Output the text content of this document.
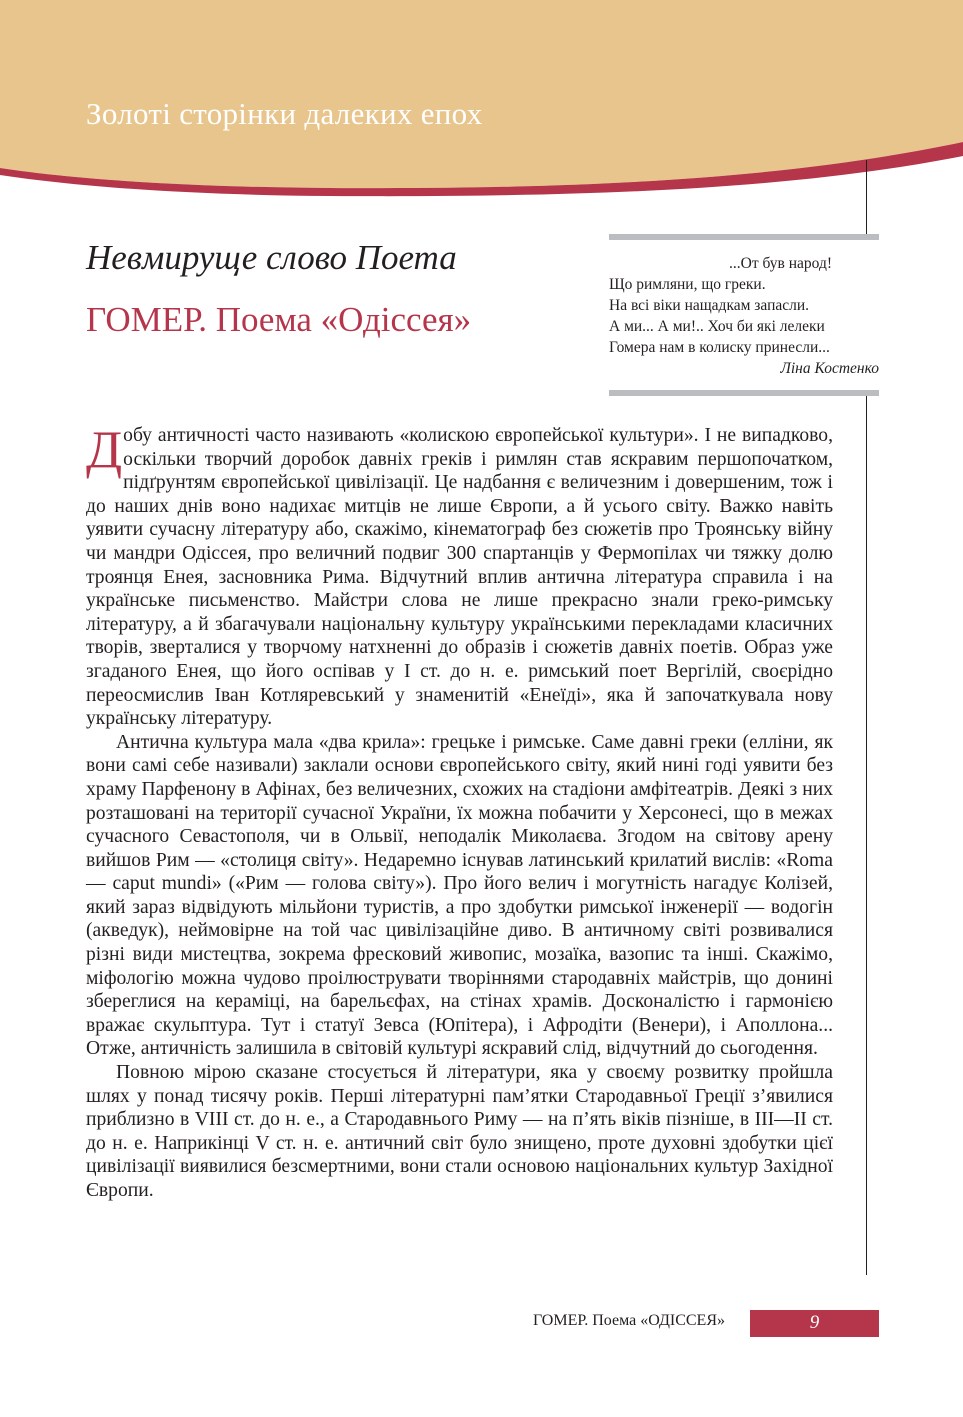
Золоті сторінки далеких епох
Невмируще слово Поета
ГОМЕР. Поема «Одіссея»
...От був народ!
Що римляни, що греки.
На всі віки нащадкам запасли.
А ми... А ми!.. Хоч би які лелеки
Гомера нам в колиску принесли...
Ліна Костенко

Добу античності часто називають «колискою європейської культури». І не випадково, оскільки творчий доробок давніх греків і римлян став яскравим першопочатком, підґрунтям європейської цивілізації. Це надбання є величезним і довершеним, тож і до наших днів воно надихає митців не лише Європи, а й усього світу. Важко навіть уявити сучасну літературу або, скажімо, кінематограф без сюжетів про Троянську війну чи мандри Одіссея, про величний подвиг 300 спартанців у Фермопілах чи тяжку долю троянця Енея, засновника Рима. Відчутний вплив антична література справила і на українське письменство. Майстри слова не лише прекрасно знали греко-римську літературу, а й збагачували національну культуру українськими перекладами класичних творів, зверталися у творчому натхненні до образів і сюжетів давніх поетів. Образ уже згаданого Енея, що його оспівав у І ст. до н. е. римський поет Вергілій, своєрідно переосмислив Іван Котляревський у знаменитій «Енеїді», яка й започаткувала нову українську літературу.

Антична культура мала «два крила»: грецьке і римське. Саме давні греки (елліни, як вони самі себе називали) заклали основи європейського світу, який нині годі уявити без храму Парфенону в Афінах, без величезних, схожих на стадіони амфітеатрів. Деякі з них розташовані на території сучасної України, їх можна побачити у Херсонесі, що в межах сучасного Севастополя, чи в Ольвії, неподалік Миколаєва. Згодом на світову арену вийшов Рим — «столиця світу». Недаремно існував латинський крилатий вислів: «Roma — caput mundi» («Рим — голова світу»). Про його велич і могутність нагадує Колізей, який зараз відвідують мільйони туристів, а про здобутки римської інженерії — водогін (акведук), неймовірне на той час цивілізаційне диво. В античному світі розвивалися різні види мистецтва, зокрема фресковий живопис, мозаїка, вазопис та інші. Скажімо, міфологію можна чудово проілюструвати творіннями стародавніх майстрів, що донині збереглися на кераміці, на барельєфах, на стінах храмів. Досконалістю і гармонією вражає скульптура. Тут і статуї Зевса (Юпітера), і Афродіти (Венери), і Аполлона... Отже, античність залишила в світовій культурі яскравий слід, відчутний до сьогодення.

Повною мірою сказане стосується й літератури, яка у своєму розвитку пройшла шлях у понад тисячу років. Перші літературні пам’ятки Стародавньої Греції з’явилися приблизно в VIII ст. до н. е., а Стародавнього Риму — на п’ять віків пізніше, в III—II ст. до н. е. Наприкінці V ст. н. е. античний світ було знищено, проте духовні здобутки цієї цивілізації виявилися безсмертними, вони стали основою національних культур Західної Європи.

ГОМЕР. Поема «ОДІССЕЯ»	9
